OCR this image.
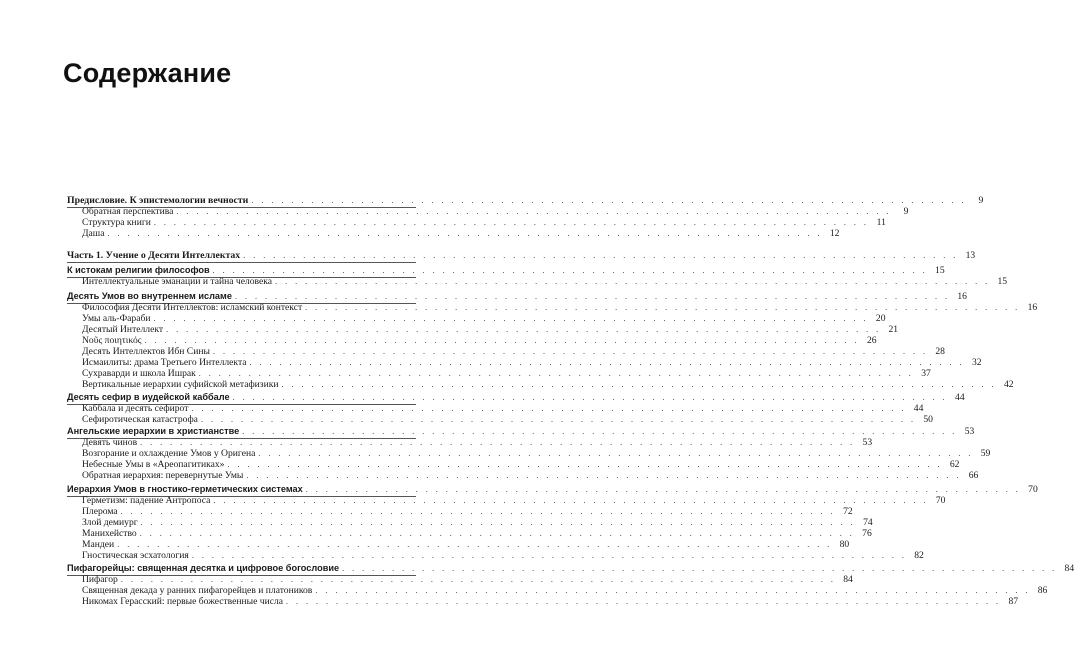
Содержание
Предисловие. К эпистемологии вечности . . . . . . . . . . . . . . . . . . . . . . . . . . . . . . . . . . . . . . . . . . . . . . . . . . . . . . . . . . . . . . . . . . . . . . . .	9
Обратная перспектива . . . . . . . . . . . . . . . . . . . . . . . . . . . . . . . . . . . . . . . . . . . . . . . . . . . . . . . . . . . . . . . . . . . . . . . .	9
Структура книги . . . . . . . . . . . . . . . . . . . . . . . . . . . . . . . . . . . . . . . . . . . . . . . . . . . . . . . . . . . . . . . . . . . . . . . . 11
Даша . . . . . . . . . . . . . . . . . . . . . . . . . . . . . . . . . . . . . . . . . . . . . . . . . . . . . . . . . . . . . . . . . . . . . . . . 12
Часть 1. Учение о Десяти Интеллектах . . . . . . . . . . . . . . . . . . . . . . . . . . . . . . . . . . . . . . . . . . . . . . . . . . . . . . . . . . . . . . . . . . . . . . . . 13
К истокам религии философов . . . . . . . . . . . . . . . . . . . . . . . . . . . . . . . . . . . . . . . . . . . . . . . . . . . . . . . . . . . . . . . . . . . . . . . . 15
Интеллектуальные эманации и тайна человека . . . . . . . . . . . . . . . . . . . . . . . . . . . . . . . . . . . . . . . . . . . . . . . . . . . . . . . . . . . . . . . . . . . . . . . . 15
Десять Умов во внутреннем исламе . . . . . . . . . . . . . . . . . . . . . . . . . . . . . . . . . . . . . . . . . . . . . . . . . . . . . . . . . . . . . . . . . . . . . . . . 16
Философия Десяти Интеллектов: исламский контекст . . . . . . . . . . . . . . . . . . . . . . . . . . . . . . . . . . . . . . . . . . . . . . . . . . . . . . . . . . . . . . . . . . . . . . . . 16
Умы аль-Фараби . . . . . . . . . . . . . . . . . . . . . . . . . . . . . . . . . . . . . . . . . . . . . . . . . . . . . . . . . . . . . . . . . . . . . . . . 20
Десятый Интеллект . . . . . . . . . . . . . . . . . . . . . . . . . . . . . . . . . . . . . . . . . . . . . . . . . . . . . . . . . . . . . . . . . . . . . . . . 21
Νοῦς ποιητικός . . . . . . . . . . . . . . . . . . . . . . . . . . . . . . . . . . . . . . . . . . . . . . . . . . . . . . . . . . . . . . . . . . . . . . . . 26
Десять Интеллектов Ибн Сины . . . . . . . . . . . . . . . . . . . . . . . . . . . . . . . . . . . . . . . . . . . . . . . . . . . . . . . . . . . . . . . . . . . . . . . . 28
Исмаилиты: драма Третьего Интеллекта . . . . . . . . . . . . . . . . . . . . . . . . . . . . . . . . . . . . . . . . . . . . . . . . . . . . . . . . . . . . . . . . . . . . . . . . 32
Сухраварди и школа Ишрак . . . . . . . . . . . . . . . . . . . . . . . . . . . . . . . . . . . . . . . . . . . . . . . . . . . . . . . . . . . . . . . . . . . . . . . . 37
Вертикальные иерархии суфийской метафизики . . . . . . . . . . . . . . . . . . . . . . . . . . . . . . . . . . . . . . . . . . . . . . . . . . . . . . . . . . . . . . . . . . . . . . . . 42
Десять сефир в иудейской каббале . . . . . . . . . . . . . . . . . . . . . . . . . . . . . . . . . . . . . . . . . . . . . . . . . . . . . . . . . . . . . . . . . . . . . . . . 44
Каббала и десять сефирот . . . . . . . . . . . . . . . . . . . . . . . . . . . . . . . . . . . . . . . . . . . . . . . . . . . . . . . . . . . . . . . . . . . . . . . . 44
Сефиротическая катастрофа . . . . . . . . . . . . . . . . . . . . . . . . . . . . . . . . . . . . . . . . . . . . . . . . . . . . . . . . . . . . . . . . . . . . . . . . 50
Ангельские иерархии в христианстве . . . . . . . . . . . . . . . . . . . . . . . . . . . . . . . . . . . . . . . . . . . . . . . . . . . . . . . . . . . . . . . . . . . . . . . . 53
Девять чинов . . . . . . . . . . . . . . . . . . . . . . . . . . . . . . . . . . . . . . . . . . . . . . . . . . . . . . . . . . . . . . . . . . . . . . . . 53
Возгорание и охлаждение Умов у Оригена . . . . . . . . . . . . . . . . . . . . . . . . . . . . . . . . . . . . . . . . . . . . . . . . . . . . . . . . . . . . . . . . . . . . . . . . 59
Небесные Умы в «Ареопагитиках» . . . . . . . . . . . . . . . . . . . . . . . . . . . . . . . . . . . . . . . . . . . . . . . . . . . . . . . . . . . . . . . . . . . . . . . . 62
Обратная иерархия: перевернутые Умы . . . . . . . . . . . . . . . . . . . . . . . . . . . . . . . . . . . . . . . . . . . . . . . . . . . . . . . . . . . . . . . . . . . . . . . . 66
Иерархия Умов в гностико-герметических системах . . . . . . . . . . . . . . . . . . . . . . . . . . . . . . . . . . . . . . . . . . . . . . . . . . . . . . . . . . . . . . . . . . . . . . . . 70
Герметизм: падение Антропоса . . . . . . . . . . . . . . . . . . . . . . . . . . . . . . . . . . . . . . . . . . . . . . . . . . . . . . . . . . . . . . . . . . . . . . . . 70
Плерома . . . . . . . . . . . . . . . . . . . . . . . . . . . . . . . . . . . . . . . . . . . . . . . . . . . . . . . . . . . . . . . . . . . . . . . . 72
Злой демиург . . . . . . . . . . . . . . . . . . . . . . . . . . . . . . . . . . . . . . . . . . . . . . . . . . . . . . . . . . . . . . . . . . . . . . . . 74
Манихейство . . . . . . . . . . . . . . . . . . . . . . . . . . . . . . . . . . . . . . . . . . . . . . . . . . . . . . . . . . . . . . . . . . . . . . . . 76
Мандеи . . . . . . . . . . . . . . . . . . . . . . . . . . . . . . . . . . . . . . . . . . . . . . . . . . . . . . . . . . . . . . . . . . . . . . . . 80
Гностическая эсхатология . . . . . . . . . . . . . . . . . . . . . . . . . . . . . . . . . . . . . . . . . . . . . . . . . . . . . . . . . . . . . . . . . . . . . . . . 82
Пифагорейцы: священная десятка и цифровое богословие . . . . . . . . . . . . . . . . . . . . . . . . . . . . . . . . . . . . . . . . . . . . . . . . . . . . . . . . . . . . . . . . . . . . . . . . 84
Пифагор . . . . . . . . . . . . . . . . . . . . . . . . . . . . . . . . . . . . . . . . . . . . . . . . . . . . . . . . . . . . . . . . . . . . . . . . 84
Священная декада у ранних пифагорейцев и платоников . . . . . . . . . . . . . . . . . . . . . . . . . . . . . . . . . . . . . . . . . . . . . . . . . . . . . . . . . . . . . . . . . . . . . . . . 86
Никомах Герасский: первые божественные числа . . . . . . . . . . . . . . . . . . . . . . . . . . . . . . . . . . . . . . . . . . . . . . . . . . . . . . . . . . . . . . . . . . . . . . . . 87
